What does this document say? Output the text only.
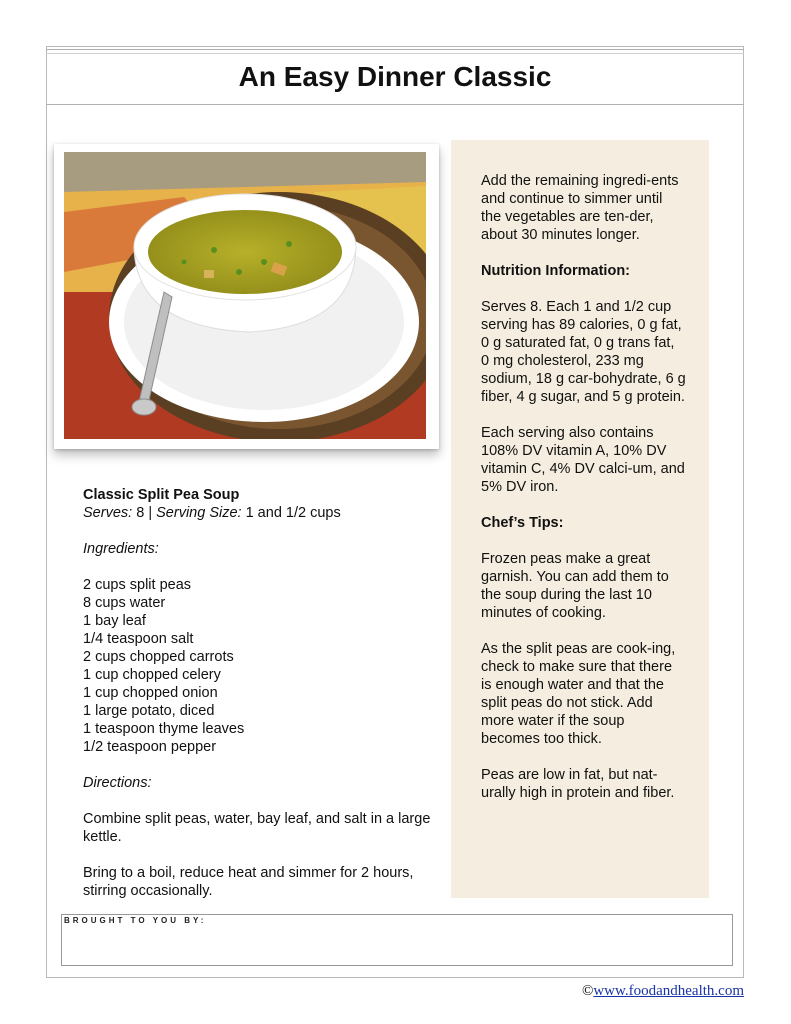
An Easy Dinner Classic
Classic Split Pea Soup
Serves: 8 | Serving Size: 1 and 1/2 cups
Ingredients:
2 cups split peas
8 cups water
1 bay leaf
1/4 teaspoon salt
2 cups chopped carrots
1 cup chopped celery
1 cup chopped onion
1 large potato, diced
1 teaspoon thyme leaves
1/2 teaspoon pepper
Directions:

Combine split peas, water, bay leaf, and salt in a large kettle.

Bring to a boil, reduce heat and simmer for 2 hours, stirring occasionally.

Add the remaining ingredi-ents and continue to simmer until the vegetables are ten-der, about 30 minutes longer.

Nutrition Information:

Serves 8. Each 1 and 1/2 cup serving has 89 calories, 0 g fat, 0 g saturated fat, 0 g trans fat, 0 mg cholesterol, 233 mg sodium, 18 g car-bohydrate, 6 g fiber, 4 g sugar, and 5 g protein.

Each serving also contains 108% DV vitamin A, 10% DV vitamin C, 4% DV calci-um, and 5% DV iron.

Chef’s Tips:

Frozen peas make a great garnish. You can add them to the soup during the last 10 minutes of cooking.

As the split peas are cook-ing, check to make sure that there is enough water and that the split peas do not stick. Add more water if the soup becomes too thick.

Peas are low in fat, but nat-urally high in protein and fiber.

BROUGHT TO YOU BY:
©www.foodandhealth.com
